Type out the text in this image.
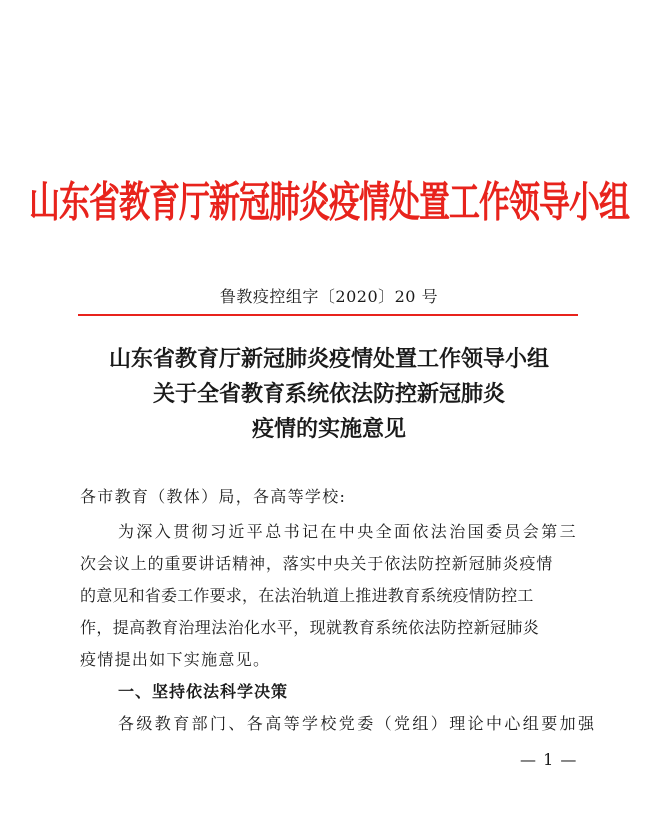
山东省教育厅新冠肺炎疫情处置工作领导小组
鲁教疫控组字〔2020〕20 号
山东省教育厅新冠肺炎疫情处置工作领导小组
关于全省教育系统依法防控新冠肺炎
疫情的实施意见
各市教育（教体）局，各高等学校:
为深入贯彻习近平总书记在中央全面依法治国委员会第三
次会议上的重要讲话精神，落实中央关于依法防控新冠肺炎疫情
的意见和省委工作要求，在法治轨道上推进教育系统疫情防控工
作，提高教育治理法治化水平，现就教育系统依法防控新冠肺炎
疫情提出如下实施意见。
一、坚持依法科学决策
各级教育部门、各高等学校党委（党组）理论中心组要加强
— 1 —
